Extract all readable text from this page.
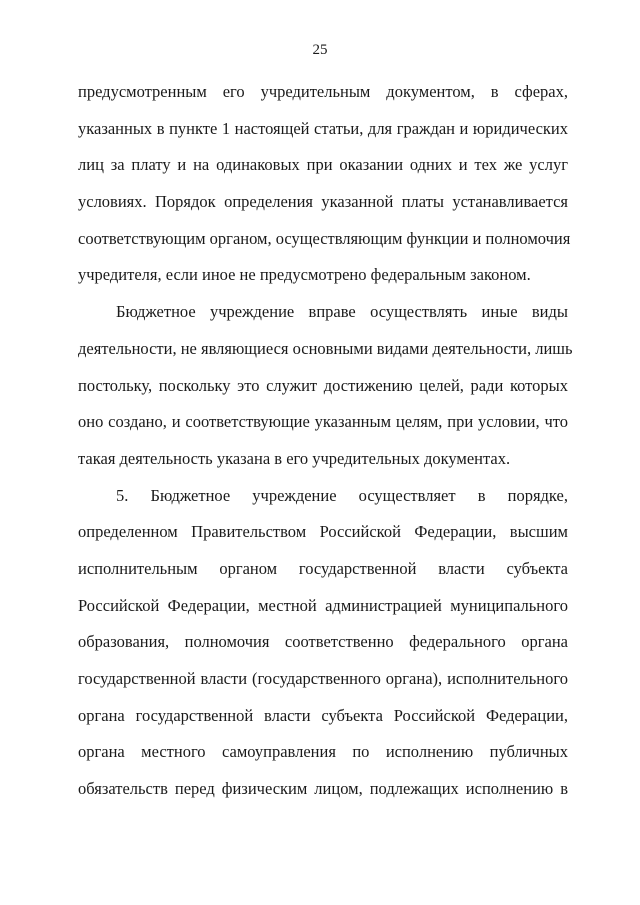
25
предусмотренным его учредительным документом, в сферах,
указанных в пункте 1 настоящей статьи, для граждан и юридических
лиц за плату и на одинаковых при оказании одних и тех же услуг
условиях. Порядок определения указанной платы устанавливается
соответствующим органом, осуществляющим функции и полномочия
учредителя, если иное не предусмотрено федеральным законом.
Бюджетное учреждение вправе осуществлять иные виды
деятельности, не являющиеся основными видами деятельности, лишь
постольку, поскольку это служит достижению целей, ради которых
оно создано, и соответствующие указанным целям, при условии, что
такая деятельность указана в его учредительных документах.
5. Бюджетное учреждение осуществляет в порядке,
определенном Правительством Российской Федерации, высшим
исполнительным органом государственной власти субъекта
Российской Федерации, местной администрацией муниципального
образования, полномочия соответственно федерального органа
государственной власти (государственного органа), исполнительного
органа государственной власти субъекта Российской Федерации,
органа местного самоуправления по исполнению публичных
обязательств перед физическим лицом, подлежащих исполнению в
